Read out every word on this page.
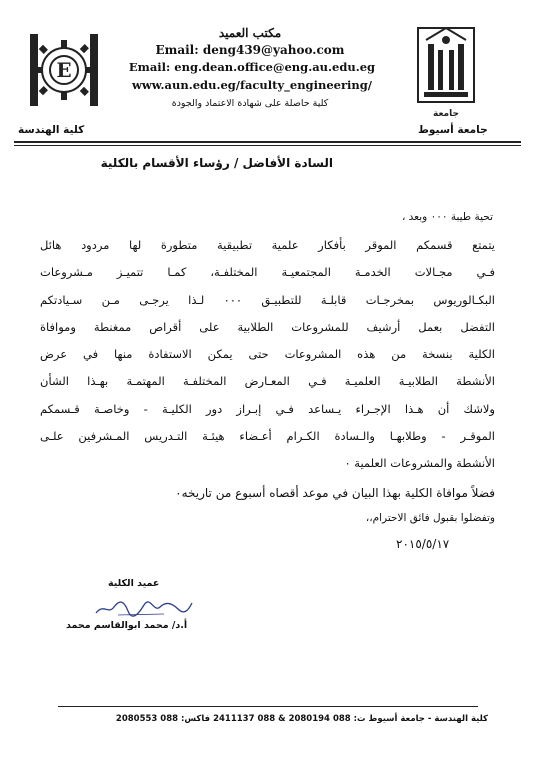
E
جامعة
مكتب العميد
Email: deng439@yahoo.com
Email: eng.dean.office@eng.au.edu.eg
www.aun.edu.eg/faculty_engineering/
كلية حاصلة على شهادة الاعتماد والجودة
كلية الهندسة	جامعة أسيوط
السادة الأفاضل / رؤساء الأقسام بالكلية
تحية طيبة ٠٠٠ وبعد ،
يتمتع قسمكم الموقر بأفكار علمية تطبيقية متطورة لها مردود هائل
فـي مجـالات الخدمـة المجتمعيـة المختلفـة، كمـا تتميـز مـشروعات
البكـالوريوس بمخرجـات قابلـة للتطبيـق ٠٠٠ لـذا يرجـى مـن سـيادتكم
التفضل بعمل أرشيف للمشروعات الطلابية على أقراص ممغنطة وموافاة
الكلية بنسخة من هذه المشروعات حتى يمكن الاستفادة منها في عرض
الأنشطة الطلابيـة العلميـة فـي المعـارض المختلفـة المهتمـة بهـذا الشأن
ولاشك أن هـذا الإجـراء يـساعد فـي إبـراز دور الكليـة - وخاصـة قـسمكم
الموقـر - وطلابهـا والـسادة الكـرام أعـضاء هيئـة التـدريس المـشرفين علـى
الأنشطة والمشروعات العلمية ٠
فضلاً موافاة الكلية بهذا البيان في موعد أقصاه أسبوع من تاريخه٠
وتفضلوا بقبول فائق الاحترام،،
٢٠١٥/٥/١٧
عميد الكلية
أ.د/ محمد ابوالقاسم محمد
كلية الهندسة - جامعة أسيوط ت: 088 2080194 & 088 2411137 فاكس: 088 2080553
